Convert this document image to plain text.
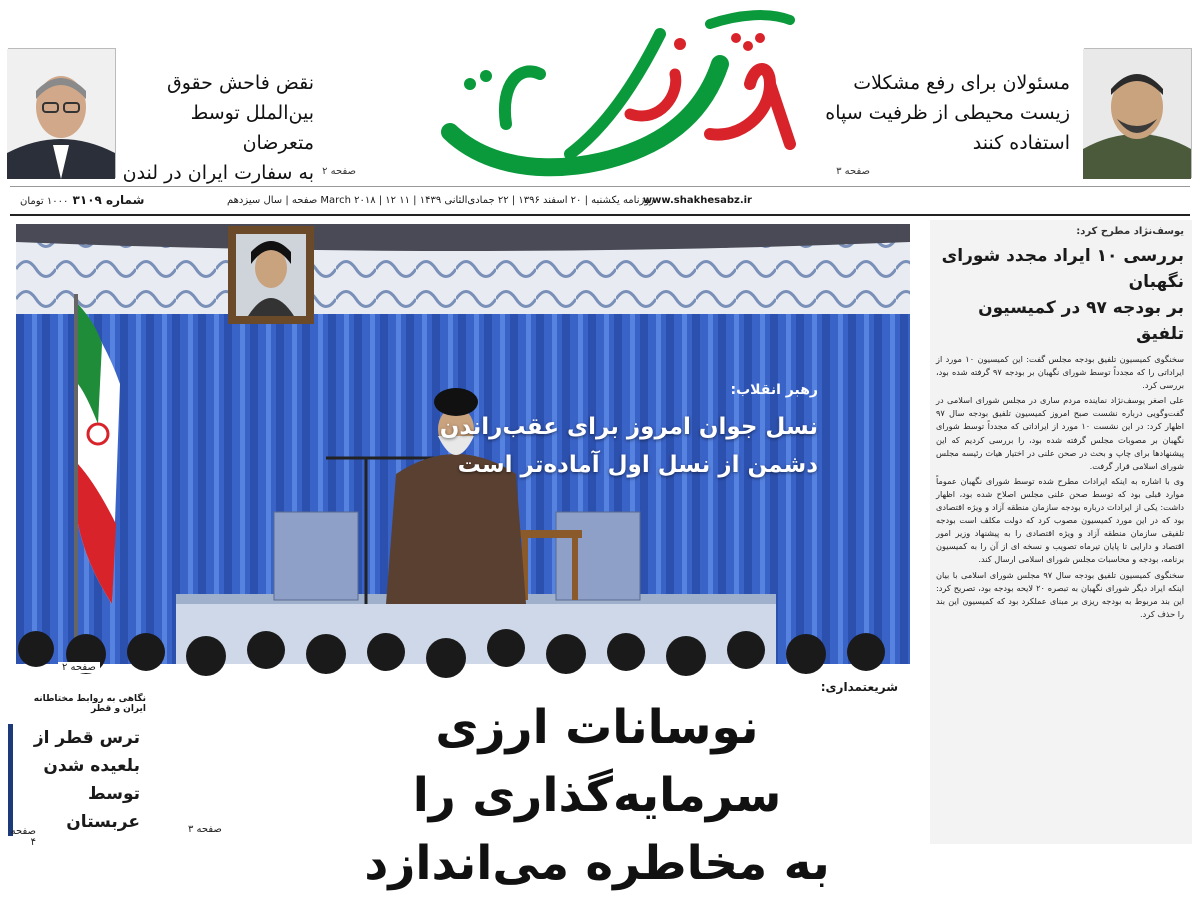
مسئولان برای رفع مشکلات
زیست محیطی از ظرفیت سپاه
استفاده کنند
صفحه ۳
نقض فاحش حقوق
بین‌الملل توسط متعرضان
به سفارت ایران در لندن صفحه ۲
www.shakhesabz.ir
روزنامه یکشنبه | ۲۰ اسفند ۱۳۹۶ | ۲۲ جمادی‌الثانی ۱۴۳۹ | ۱۱ March ۲۰۱۸ | ۱۲ صفحه | سال سیزدهم
شماره ۳۱۰۹ ۱۰۰۰ تومان
یوسف‌نژاد مطرح کرد:
بررسی ۱۰ ایراد مجدد شورای نگهبان
بر بودجه ۹۷ در کمیسیون تلفیق

سخنگوی کمیسیون تلفیق بودجه مجلس گفت: این کمیسیون ۱۰ مورد از ایراداتی را که مجدداً توسط شورای نگهبان بر بودجه ۹۷ گرفته شده بود، بررسی کرد.

علی اصغر یوسف‌نژاد نماینده مردم ساری در مجلس شورای اسلامی در گفت‌وگویی درباره نشست صبح امروز کمیسیون تلفیق بودجه سال ۹۷ اظهار کرد: در این نشست ۱۰ مورد از ایراداتی که مجدداً توسط شورای نگهبان بر مصوبات مجلس گرفته شده بود، را بررسی کردیم که این پیشنهادها برای چاپ و بحث در صحن علنی در اختیار هیات رئیسه مجلس شورای اسلامی قرار گرفت.

وی با اشاره به اینکه ایرادات مطرح شده توسط شورای نگهبان عموماً موارد قبلی بود که توسط صحن علنی مجلس اصلاح شده بود، اظهار داشت: یکی از ایرادات درباره بودجه سازمان منطقه آزاد و ویژه اقتصادی بود که در این مورد کمیسیون مصوب کرد که دولت مکلف است بودجه تلفیقی سازمان منطقه آزاد و ویژه اقتصادی را به پیشنهاد وزیر امور اقتصاد و دارایی تا پایان تیرماه تصویب و نسخه ای از آن را به کمیسیون برنامه، بودجه و محاسبات مجلس شورای اسلامی ارسال کند.

سخنگوی کمیسیون تلفیق بودجه سال ۹۷ مجلس شورای اسلامی با بیان اینکه ایراد دیگر شورای نگهبان به تبصره ۲۰ لایحه بودجه بود، تصریح کرد: این بند مربوط به بودجه ریزی بر مبنای عملکرد بود که کمیسیون این بند را حذف کرد.

رهبر انقلاب:
نسل جوان امروز برای عقب‌راندن
دشمن از نسل اول آماده‌تر است
صفحه ۲
شریعتمداری:
نوسانات ارزی سرمایه‌گذاری را
به مخاطره می‌اندازد
صفحه ۳
نگاهی به روابط مختاطانه ایران و قطر
ترس قطر از
بلعیده شدن
توسط عربستان
صفحه ۴
